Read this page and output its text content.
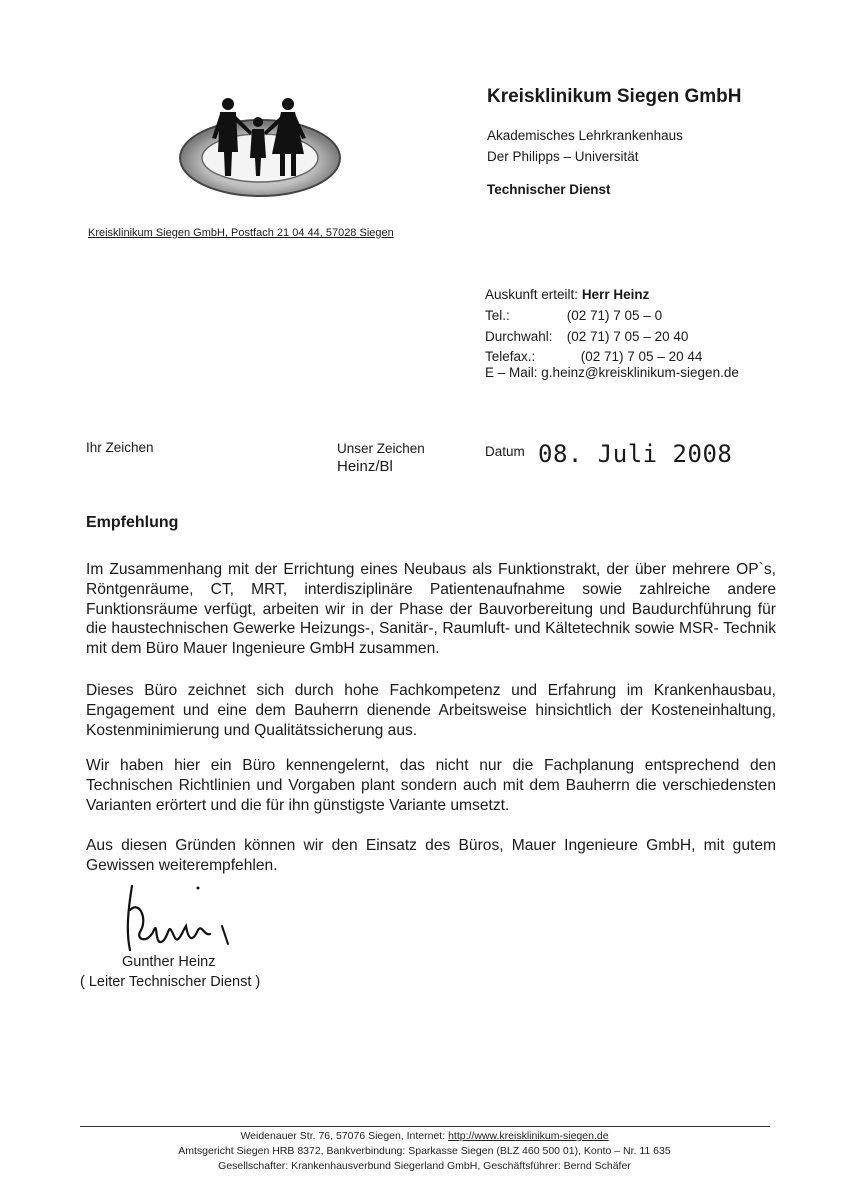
Kreisklinikum Siegen GmbH
Akademisches Lehrkrankenhaus
Der Philipps – Universität
Technischer Dienst
Kreisklinikum Siegen GmbH, Postfach 21 04 44, 57028 Siegen
Auskunft erteilt: Herr Heinz
Tel.:	(02 71) 7 05 – 0
Durchwahl: (02 71) 7 05 – 20 40
Telefax.:	(02 71) 7 05 – 20 44
E – Mail: g.heinz@kreisklinikum-siegen.de
Ihr Zeichen	Unser Zeichen
Heinz/Bl
Datum 08. Juli 2008
Empfehlung
Im Zusammenhang mit der Errichtung eines Neubaus als Funktionstrakt, der über mehrere OP`s, Röntgenräume, CT, MRT, interdisziplinäre Patientenaufnahme sowie zahlreiche andere Funktionsräume verfügt, arbeiten wir in der Phase der Bauvorbereitung und Baudurchführung für die haustechnischen Gewerke Heizungs-, Sanitär-, Raumluft- und Kältetechnik sowie MSR- Technik mit dem Büro Mauer Ingenieure GmbH zusammen.
Dieses Büro zeichnet sich durch hohe Fachkompetenz und Erfahrung im Krankenhausbau, Engagement und eine dem Bauherrn dienende Arbeitsweise hinsichtlich der Kosteneinhaltung, Kostenminimierung und Qualitätssicherung aus.
Wir haben hier ein Büro kennengelernt, das nicht nur die Fachplanung entsprechend den Technischen Richtlinien und Vorgaben plant sondern auch mit dem Bauherrn die verschiedensten Varianten erörtert und die für ihn günstigste Variante umsetzt.
Aus diesen Gründen können wir den Einsatz des Büros, Mauer Ingenieure GmbH, mit gutem Gewissen weiterempfehlen.
Gunther Heinz
( Leiter Technischer Dienst )
Weidenauer Str. 76, 57076 Siegen, Internet: http://www.kreisklinikum-siegen.de
Amtsgericht Siegen HRB 8372, Bankverbindung: Sparkasse Siegen (BLZ 460 500 01), Konto – Nr. 11 635
Gesellschafter: Krankenhausverbund Siegerland GmbH, Geschäftsführer: Bernd Schäfer
